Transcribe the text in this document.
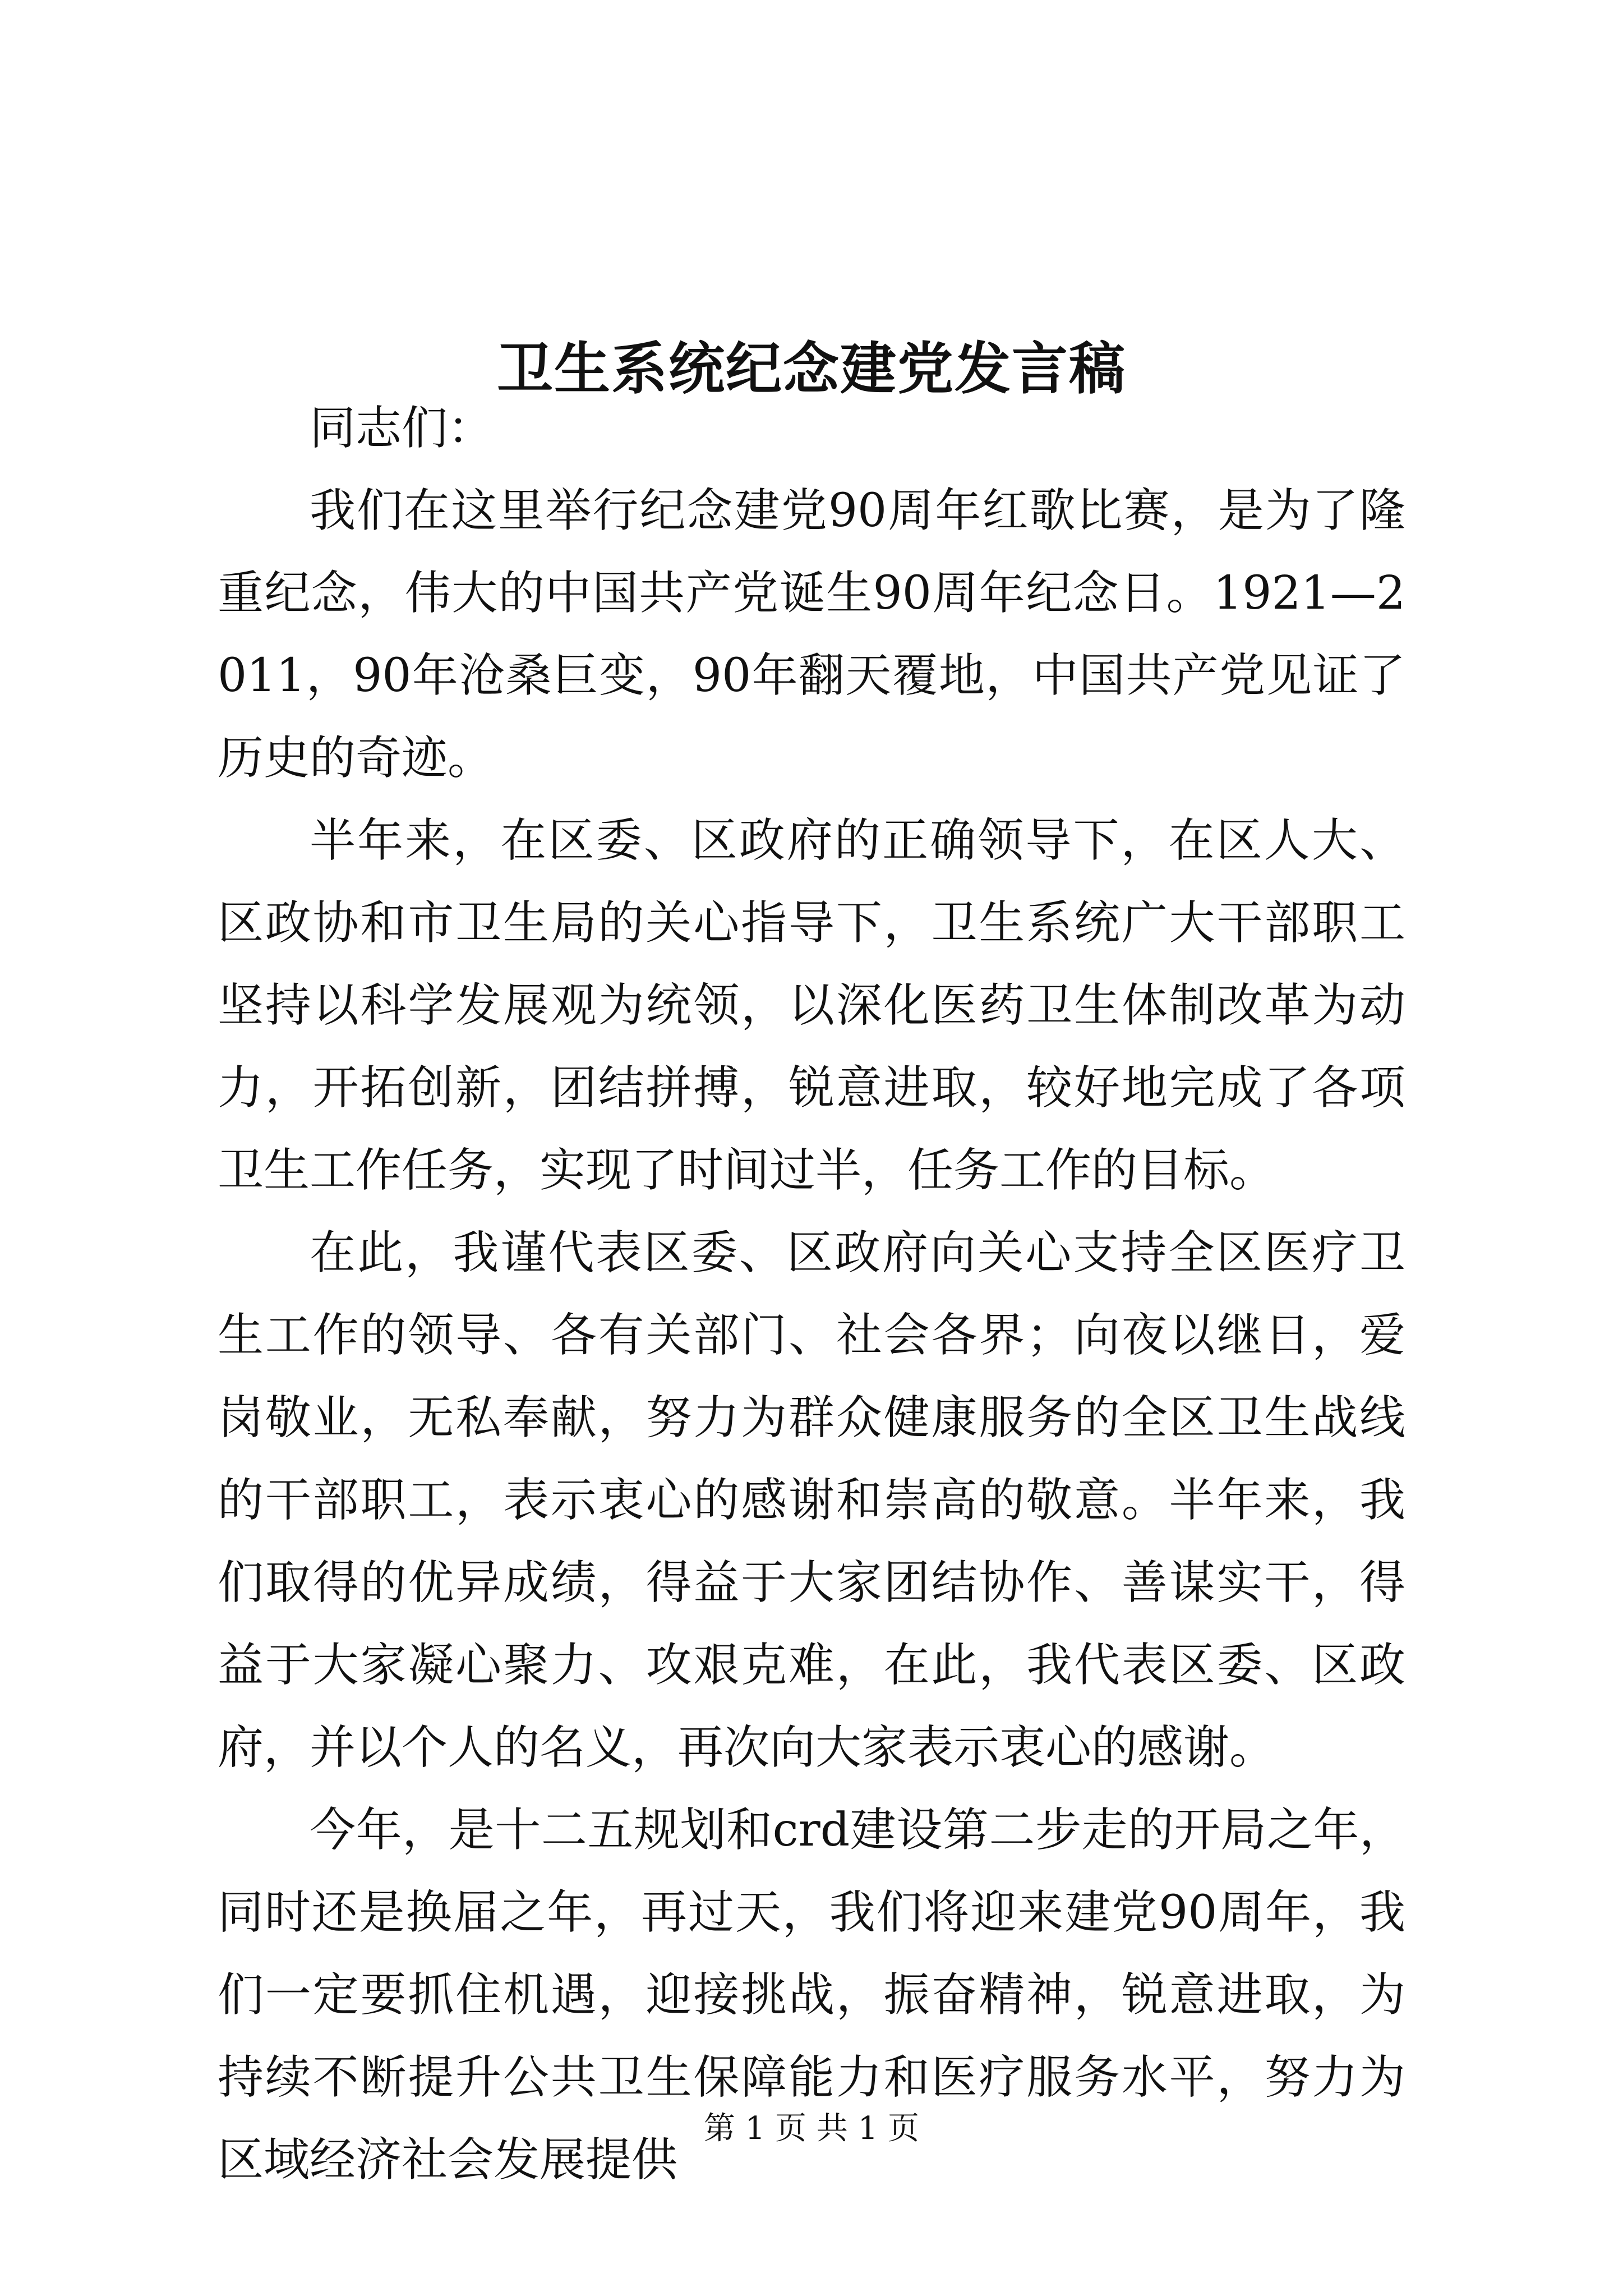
卫生系统纪念建党发言稿

同志们：

我们在这里举行纪念建党90周年红歌比赛，是为了隆重纪念，伟大的中国共产党诞生90周年纪念日。1921—2011，90年沧桑巨变，90年翻天覆地，中国共产党见证了历史的奇迹。

半年来，在区委、区政府的正确领导下，在区人大、区政协和市卫生局的关心指导下，卫生系统广大干部职工坚持以科学发展观为统领，以深化医药卫生体制改革为动力，开拓创新，团结拼搏，锐意进取，较好地完成了各项卫生工作任务，实现了时间过半，任务工作的目标。

在此，我谨代表区委、区政府向关心支持全区医疗卫生工作的领导、各有关部门、社会各界；向夜以继日，爱岗敬业，无私奉献，努力为群众健康服务的全区卫生战线的干部职工，表示衷心的感谢和崇高的敬意。半年来，我们取得的优异成绩，得益于大家团结协作、善谋实干，得益于大家凝心聚力、攻艰克难，在此，我代表区委、区政府，并以个人的名义，再次向大家表示衷心的感谢。

今年，是十二五规划和crd建设第二步走的开局之年，同时还是换届之年，再过天，我们将迎来建党90周年，我们一定要抓住机遇，迎接挑战，振奋精神，锐意进取，为持续不断提升公共卫生保障能力和医疗服务水平，努力为区域经济社会发展提供

第 1 页 共 1 页
